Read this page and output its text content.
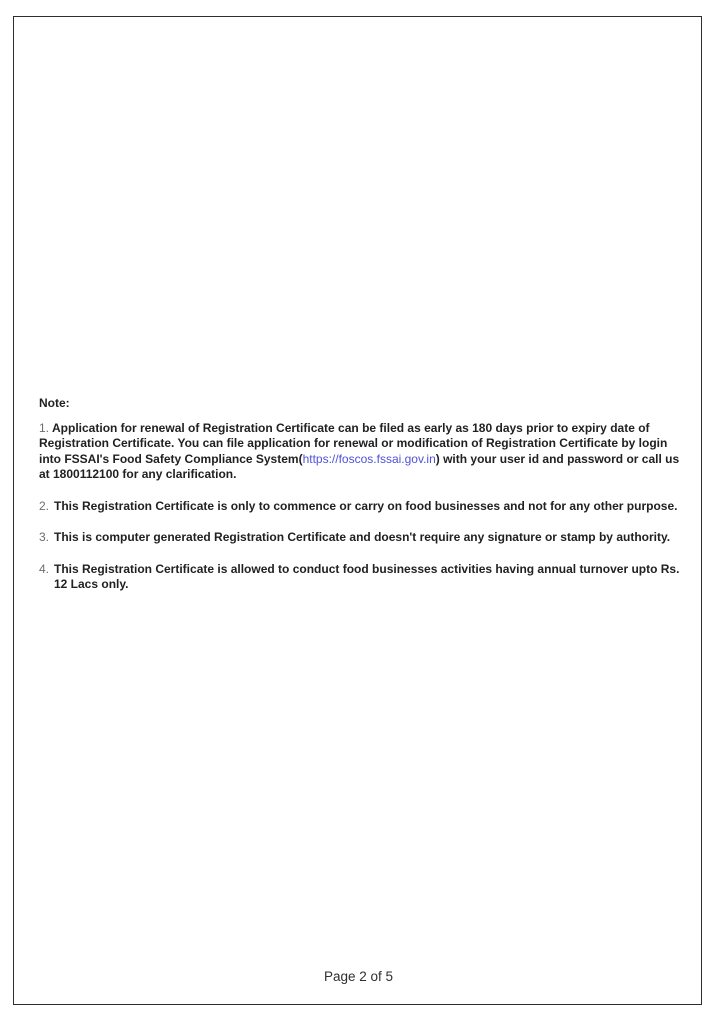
Note:

1. Application for renewal of Registration Certificate can be filed as early as 180 days prior to expiry date of Registration Certificate. You can file application for renewal or modification of Registration Certificate by login into FSSAI's Food Safety Compliance System(https://foscos.fssai.gov.in) with your user id and password or call us at 1800112100 for any clarification.

2. This Registration Certificate is only to commence or carry on food businesses and not for any other purpose.
3. This is computer generated Registration Certificate and doesn't require any signature or stamp by authority.
4. This Registration Certificate is allowed to conduct food businesses activities having annual turnover upto Rs. 12 Lacs only.
Page 2 of 5
